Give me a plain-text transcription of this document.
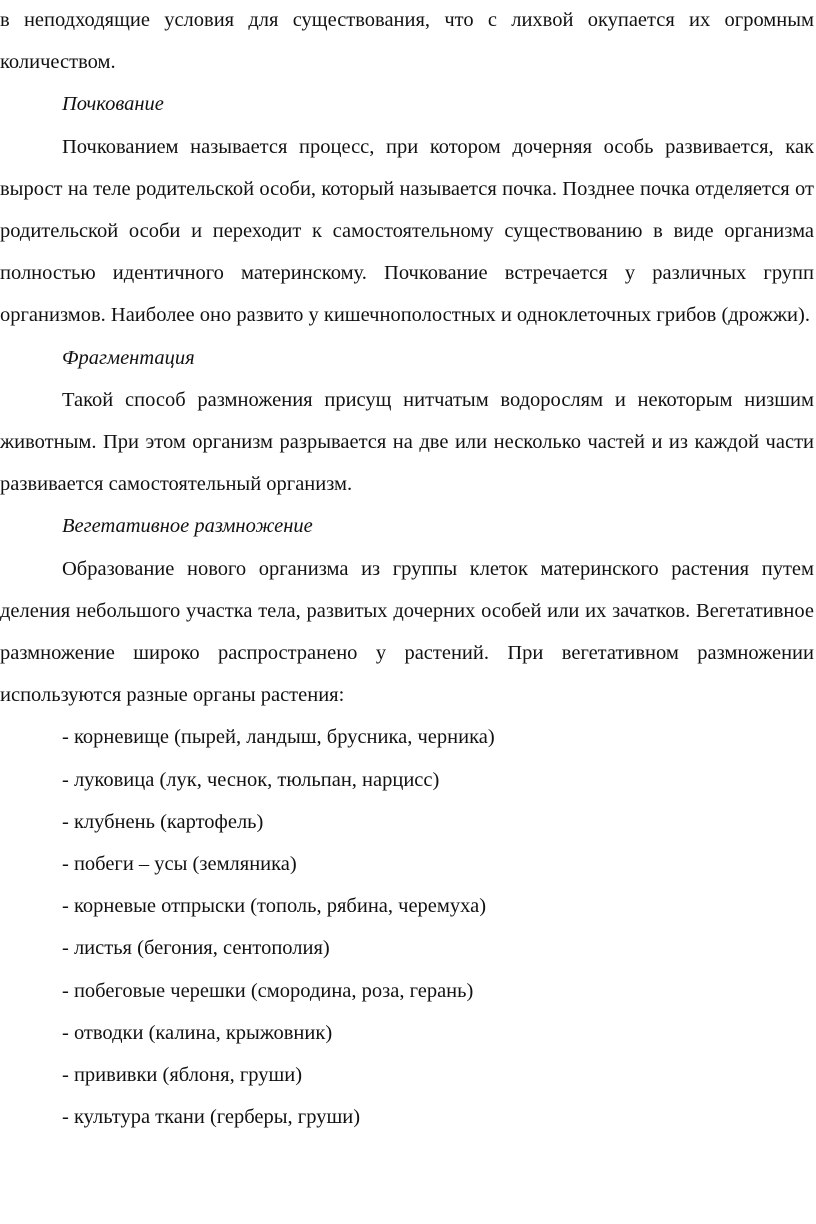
в неподходящие условия для существования, что с лихвой окупается их огромным количеством.

Почкование

Почкованием называется процесс, при котором дочерняя особь развивается, как вырост на теле родительской особи, который называется почка. Позднее почка отделяется от родительской особи и переходит к самостоятельному существованию в виде организма полностью идентичного материнскому. Почкование встречается у различных групп организмов. Наиболее оно развито у кишечнополостных и одноклеточных грибов (дрожжи).

Фрагментация

Такой способ размножения присущ нитчатым водорослям и некоторым низшим животным. При этом организм разрывается на две или несколько частей и из каждой части развивается самостоятельный организм.

Вегетативное размножение

Образование нового организма из группы клеток материнского растения путем деления небольшого участка тела, развитых дочерних особей или их зачатков. Вегетативное размножение широко распространено у растений. При вегетативном размножении используются разные органы растения:

- корневище (пырей, ландыш, брусника, черника)
- луковица (лук, чеснок, тюльпан, нарцисс)
- клубнень (картофель)
- побеги – усы (земляника)
- корневые отпрыски (тополь, рябина, черемуха)
- листья (бегония, сентополия)
- побеговые черешки (смородина, роза, герань)
- отводки (калина, крыжовник)
- прививки (яблоня, груши)
- культура ткани (герберы, груши)
